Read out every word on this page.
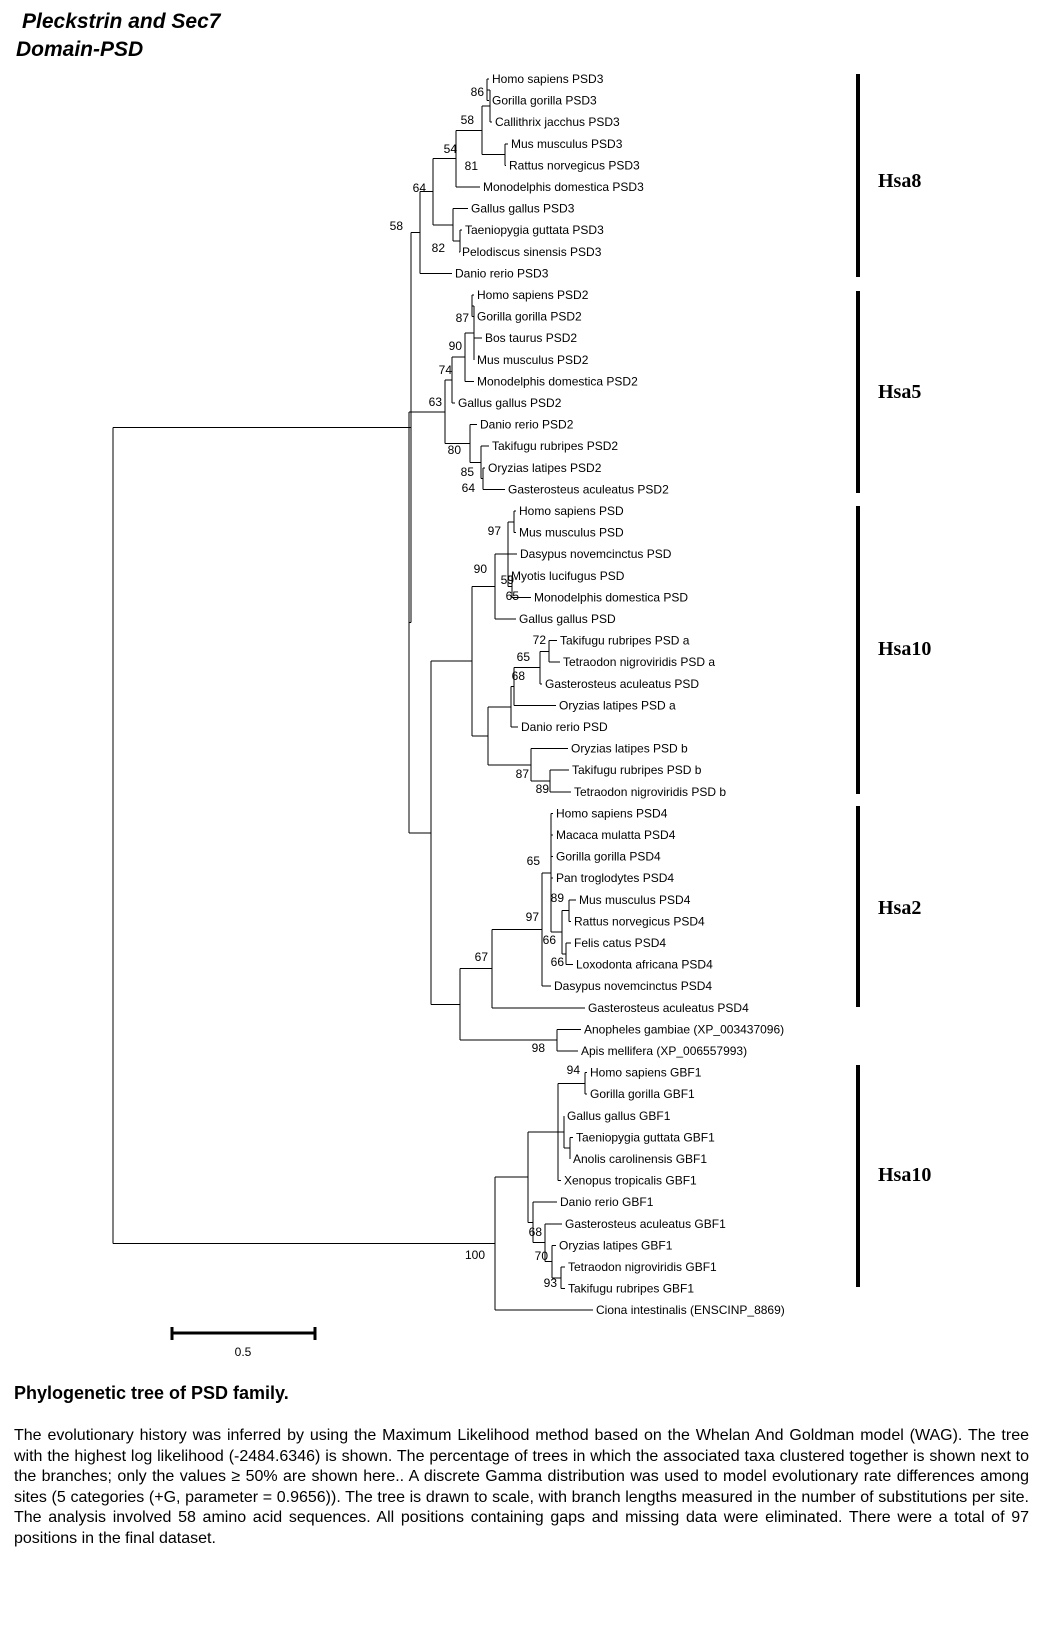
Pleckstrin and Sec7
Domain-PSD
Homo sapiens PSD3
Gorilla gorilla PSD3
Callithrix jacchus PSD3
Mus musculus PSD3
Rattus norvegicus PSD3
Monodelphis domestica PSD3
Gallus gallus PSD3
Taeniopygia guttata PSD3
Pelodiscus sinensis PSD3
Danio rerio PSD3
Homo sapiens PSD2
Gorilla gorilla PSD2
Bos taurus PSD2
Mus musculus PSD2
Monodelphis domestica PSD2
Gallus gallus PSD2
Danio rerio PSD2
Takifugu rubripes PSD2
Oryzias latipes PSD2
Gasterosteus aculeatus PSD2
Homo sapiens PSD
Mus musculus PSD
Dasypus novemcinctus PSD
Myotis lucifugus PSD
Monodelphis domestica PSD
Gallus gallus PSD
Takifugu rubripes PSD a
Tetraodon nigroviridis PSD a
Gasterosteus aculeatus PSD
Oryzias latipes PSD a
Danio rerio PSD
Oryzias latipes PSD b
Takifugu rubripes PSD b
Tetraodon nigroviridis PSD b
Homo sapiens PSD4
Macaca mulatta PSD4
Gorilla gorilla PSD4
Pan troglodytes PSD4
Mus musculus PSD4
Rattus norvegicus PSD4
Felis catus PSD4
Loxodonta africana PSD4
Dasypus novemcinctus PSD4
Gasterosteus aculeatus PSD4
Anopheles gambiae (XP_003437096)
Apis mellifera (XP_006557993)
Homo sapiens GBF1
Gorilla gorilla GBF1
Gallus gallus GBF1
Taeniopygia guttata GBF1
Anolis carolinensis GBF1
Xenopus tropicalis GBF1
Danio rerio GBF1
Gasterosteus aculeatus GBF1
Oryzias latipes GBF1
Tetraodon nigroviridis GBF1
Takifugu rubripes GBF1
Ciona intestinalis (ENSCINP_8869)
86
58
54
81
64
82
58
87
90
74
63
85
80
64
97
90
59
65
72
65
68
87
89
65
89
97
66
66
67
98
94
68
70
93
100
Hsa8
Hsa5
Hsa10
Hsa2
Hsa10
0.5
Phylogenetic tree of PSD family.
The evolutionary history was inferred by using the Maximum Likelihood method based on the Whelan And Goldman model (WAG). The tree with the highest log likelihood (-2484.6346) is shown. The percentage of trees in which the associated taxa clustered together is shown next to the branches; only the values ≥ 50% are shown here.. A discrete Gamma distribution was used to model evolutionary rate differences among sites (5 categories (+G, parameter = 0.9656)). The tree is drawn to scale, with branch lengths measured in the number of substitutions per site. The analysis involved 58 amino acid sequences. All positions containing gaps and missing data were eliminated. There were a total of 97 positions in the final dataset.
